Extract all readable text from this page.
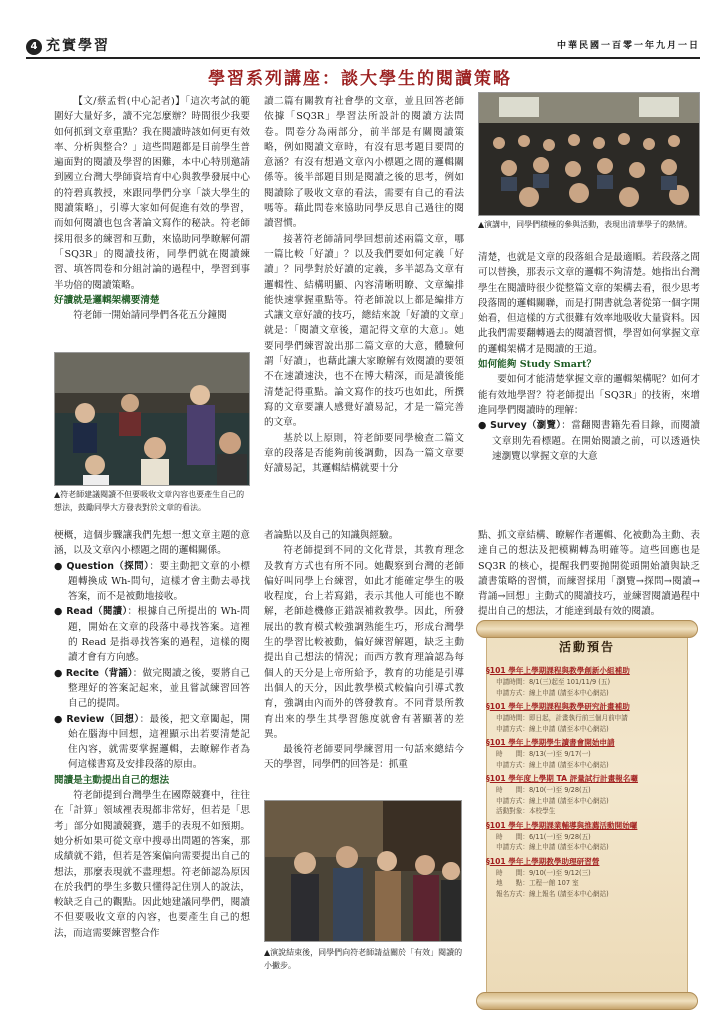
4 充實學習	中華民國一百零一年九月一日
學習系列講座：談大學生的閱讀策略

【文/蔡孟哲(中心記者)】「這次考試的範圍好大量好多，讀不完怎麼辦？時間很少我要如何抓到文章重點？我在閱讀時該如何更有效率、分析與整合？」這些問題都是目前學生普遍面對的閱讀及學習的困難，本中心特別邀請到國立台灣大學師資培育中心與教學發展中心的符碧真教授，來跟同學們分享「談大學生的閱讀策略」，引導大家如何促進有效的學習，而如何閱讀也包含著論文寫作的秘訣。符老師採用很多的練習和互動，來協助同學瞭解何謂「SQ3R」的閱讀技術，同學們就在閱讀練習、填答問卷和分組討論的過程中，學習到事半功倍的閱讀策略。

好讀就是邏輯架構要清楚

符老師一開始請同學們各花五分鐘閱

▲符老師建議閱讀不但要吸收文章內容也要產生自己的想法，鼓勵同學大方發表對於文章的看法。

讀二篇有關教育社會學的文章，並且回答老師依據「SQ3R」學習法所設計的閱讀方法問卷。問卷分為兩部分，前半部是有關閱讀策略，例如閱讀文章時，有沒有思考題目要問的意涵？有沒有想過文章內小標題之間的邏輯關係等。後半部題目則是閱讀之後的思考，例如閱讀除了吸收文章的看法，需要有自己的看法嗎等。藉此問卷來協助同學反思自己過往的閱讀習慣。

接著符老師請同學回想前述兩篇文章，哪一篇比較「好讀」？以及我們要如何定義「好讀」？同學對於好讀的定義，多半認為文章有邏輯性、結構明顯、內容清晰明瞭、文章編排能快速掌握重點等。符老師說以上都是編排方式讓文章好讀的技巧，總結來說「好讀的文章」就是：「閱讀文章後，還記得文章的大意」。她要同學們練習說出那二篇文章的大意，體驗何謂「好讀」，也藉此讓大家瞭解有效閱讀的要領不在速讀速決，也不在博大精深，而是讀後能清楚記得重點。論文寫作的技巧也如此，所撰寫的文章要讓人感覺好讀易記，才是一篇完善的文章。

基於以上原則，符老師要同學檢查二篇文章的段落是否能夠前後調動，因為一篇文章要好讀易記，其邏輯結構就要十分

▲演講中，同學們積極的參與活動，表現出清華學子的熱情。

清楚，也就是文章的段落組合是最適順。若段落之間可以替換，那表示文章的邏輯不夠清楚。她指出台灣學生在閱讀時很少從整篇文章的架構去看，很少思考段落間的邏輯關聯，而是打開書就急著從第一個字開始看，但這樣的方式很難有效率地吸收大量資料。因此我們需要翻轉過去的閱讀習慣，學習如何掌握文章的邏輯架構才是閱讀的王道。

如何能夠 Study Smart？

要如何才能清楚掌握文章的邏輯架構呢？如何才能有效地學習？符老師提出「SQ3R」的技術，來增進同學們閱讀時的理解：

● Survey（瀏覽）：當翻閱書籍先看目錄，而閱讀文章則先看標題。在開始閱讀之前，可以透過快速瀏覽以掌握文章的大意

梗概，這個步驟讓我們先想一想文章主題的意涵，以及文章內小標題之間的邏輯關係。

● Question（探問）：要主動把文章的小標題轉換成 Wh-問句，這樣才會主動去尋找答案，而不是被動地接收。

● Read（閱讀）：根據自己所提出的 Wh-問題，開始在文章的段落中尋找答案。這裡的 Read 是指尋找答案的過程，這樣的閱讀才會有方向感。

● Recite（背誦）：做完閱讀之後，要將自己整理好的答案記起來，並且嘗試練習回答自己的提問。

● Review（回想）：最後，把文章闔起，開始在腦海中回想，這裡顯示出若要清楚記住內容，就需要掌握邏輯，去瞭解作者為何這樣書寫及安排段落的原由。

閱讀是主動提出自己的想法

符老師提到台灣學生在國際競賽中，往往在「計算」領域裡表現都非常好，但若是「思考」部分如閱讀競賽，選手的表現不如預期。她分析如果可從文章中搜尋出問題的答案，那成績就不錯，但若是答案偏向需要提出自己的想法，那麼表現就不盡理想。符老師認為原因在於我們的學生多數只懂得記住別人的說法，較缺乏自己的觀點。因此她建議同學們，閱讀不但要吸收文章的內容，也要產生自己的想法，而這需要練習整合作

者論點以及自己的知識與經驗。

符老師提到不同的文化背景，其教育理念及教育方式也有所不同。她觀察到台灣的老師偏好叫同學上台練習，如此才能確定學生的吸收程度，台上若寫錯，表示其他人可能也不瞭解，老師趁機修正錯誤補救教學。因此，所發展出的教育模式較強調熟能生巧，形成台灣學生的學習比較被動，偏好練習解題，缺乏主動提出自己想法的情況；而西方教育理論認為每個人的天分是上帝所給予，教育的功能是引導出個人的天分，因此教學模式較偏向引導式教育，強調由內而外的啓發教育。不同背景所教育出來的學生其學習態度就會有著顯著的差異。

最後符老師要同學練習用一句話來總結今天的學習，同學們的回答是：抓重

▲演說結束後，同學們向符老師請益關於「有效」閱讀的小撇步。

點、抓文章結構、瞭解作者邏輯、化被動為主動、表達自己的想法及把模糊轉為明確等。這些回應也是 SQ3R 的核心，提醒我們要抛開從頭開始讀與缺乏讀書策略的習慣，而練習採用「瀏覽→探問→閱讀→背誦→回想」主動式的閱讀技巧，並練習閱讀過程中提出自己的想法，才能達到最有效的閱讀。

活動預告
§101 學年上學期課程與教學創新小組補助
申請時間：8/1(三)起至 101/11/9 (五)
申請方式：線上申請 (請至本中心網站)
§101 學年上學期課程與教學研究計畫補助
申請時間：即日起，計畫執行前三個月前申請
申請方式：線上申請 (請至本中心網站)
§101 學年上學期學生讀書會開始申請
時　　間：8/13(一)至 9/17(一)
申請方式：線上申請 (請至本中心網站)
§101 學年度上學期 TA 評量試行計畫報名囉
時　　間：8/10(一)至 9/28(五)
申請方式：線上申請 (請至本中心網站)
活動對象：本校學生
§101 學年上學期課業輔導與推薦活動開始囉
時　　間：6/11(一)至 9/28(五)
申請方式：線上申請 (請至本中心網站)
§101 學年上學期教學助理研習營
時　　間：9/10(一)至 9/12(三)
地　　點：工程一館 107 室
報名方式：線上報名 (請至本中心網站)
